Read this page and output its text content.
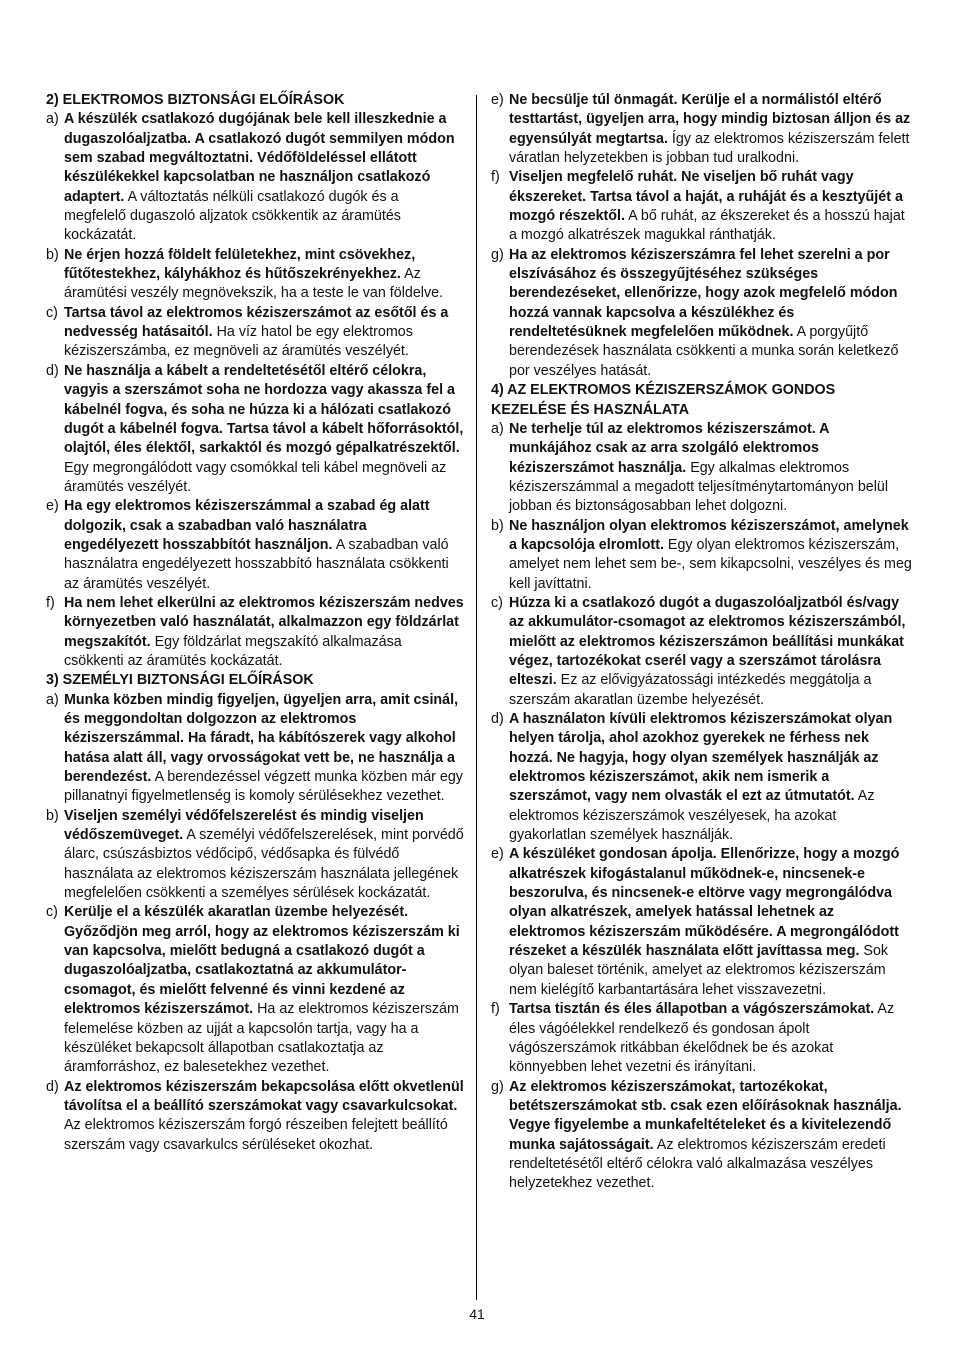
2) ELEKTROMOS BIZTONSÁGI ELŐÍRÁSOK
a) A készülék csatlakozó dugójának bele kell illeszkednie a dugaszolóaljzatba. A csatlakozó dugót semmilyen módon sem szabad megváltoztatni. Védőföldeléssel ellátott készülékekkel kapcsolatban ne használjon csatlakozó adaptert. A változtatás nélküli csatlakozó dugók és a megfelelő dugaszoló aljzatok csökkentik az áramütés kockázatát.
b) Ne érjen hozzá földelt felületekhez, mint csövekhez, fűtőtestekhez, kályhákhoz és hűtőszekrényekhez. Az áramütési veszély megnövekszik, ha a teste le van földelve.
c) Tartsa távol az elektromos kéziszerszámot az esőtől és a nedvesség hatásaitól. Ha víz hatol be egy elektromos kéziszerszámba, ez megnöveli az áramütés veszélyét.
d) Ne használja a kábelt a rendeltetésétől eltérő célokra, vagyis a szerszámot soha ne hordozza vagy akassza fel a kábelnél fogva, és soha ne húzza ki a hálózati csatlakozó dugót a kábelnél fogva. Tartsa távol a kábelt hőforrásoktól, olajtól, éles élektől, sarkaktól és mozgó gépalkatrészektől. Egy megrongálódott vagy csomókkal teli kábel megnöveli az áramütés veszélyét.
e) Ha egy elektromos kéziszerszámmal a szabad ég alatt dolgozik, csak a szabadban való használatra engedélyezett hosszabbítót használjon. A szabadban való használatra engedélyezett hosszabbító használata csökkenti az áramütés veszélyét.
f) Ha nem lehet elkerülni az elektromos kéziszerszám nedves környezetben való használatát, alkalmazzon egy földzárlat megszakítót. Egy földzárlat megszakító alkalmazása csökkenti az áramütés kockázatát.
3) SZEMÉLYI BIZTONSÁGI ELŐÍRÁSOK
a) Munka közben mindig figyeljen, ügyeljen arra, amit csinál, és meggondoltan dolgozzon az elektromos kéziszerszámmal. Ha fáradt, ha kábítószerek vagy alkohol hatása alatt áll, vagy orvosságokat vett be, ne használja a berendezést. A berendezéssel végzett munka közben már egy pillanatnyi figyelmetlenség is komoly sérülésekhez vezethet.
b) Viseljen személyi védőfelszerelést és mindig viseljen védőszemüveget. A személyi védőfelszerelések, mint porvédő álarc, csúszásbiztos védőcipő, védősapka és fülvédő használata az elektromos kéziszerszám használata jellegének megfelelően csökkenti a személyes sérülések kockázatát.
c) Kerülje el a készülék akaratlan üzembe helyezését. Győződjön meg arról, hogy az elektromos kéziszerszám ki van kapcsolva, mielőtt bedugná a csatlakozó dugót a dugaszolóaljzatba, csatlakoztatná az akkumulátor-csomagot, és mielőtt felvenné és vinni kezdené az elektromos kéziszerszámot. Ha az elektromos kéziszerszám felemelése közben az ujját a kapcsolón tartja, vagy ha a készüléket bekapcsolt állapotban csatlakoztatja az áramforráshoz, ez balesetekhez vezethet.
d) Az elektromos kéziszerszám bekapcsolása előtt okvetlenül távolítsa el a beállító szerszámokat vagy csavarkulcsokat. Az elektromos kéziszerszám forgó részeiben felejtett beállító szerszám vagy csavarkulcs sérüléseket okozhat.
e) Ne becsülje túl önmagát. Kerülje el a normálistól eltérő testtartást, ügyeljen arra, hogy mindig biztosan álljon és az egyensúlyát megtartsa. Így az elektromos kéziszerszám felett váratlan helyzetekben is jobban tud uralkodni.
f) Viseljen megfelelő ruhát. Ne viseljen bő ruhát vagy ékszereket. Tartsa távol a haját, a ruháját és a kesztyűjét a mozgó részektől. A bő ruhát, az ékszereket és a hosszú hajat a mozgó alkatrészek magukkal ránthatják.
g) Ha az elektromos kéziszerszámra fel lehet szerelni a por elszívásához és összegyűjtéséhez szükséges berendezéseket, ellenőrizze, hogy azok megfelelő módon hozzá vannak kapcsolva a készülékhez és rendeltetésüknek megfelelően működnek. A porgyűjtő berendezések használata csökkenti a munka során keletkező por veszélyes hatását.
4) AZ ELEKTROMOS KÉZISZERSZÁMOK GONDOS KEZELÉSE ÉS HASZNÁLATA
a) Ne terhelje túl az elektromos kéziszerszámot. A munkájához csak az arra szolgáló elektromos kéziszerszámot használja. Egy alkalmas elektromos kéziszerszámmal a megadott teljesítménytartományon belül jobban és biztonságosabban lehet dolgozni.
b) Ne használjon olyan elektromos kéziszerszámot, amelynek a kapcsolója elromlott. Egy olyan elektromos kéziszerszám, amelyet nem lehet sem be-, sem kikapcsolni, veszélyes és meg kell javíttatni.
c) Húzza ki a csatlakozó dugót a dugaszolóaljzatból és/vagy az akkumulátor-csomagot az elektromos kéziszerszámból, mielőtt az elektromos kéziszerszámon beállítási munkákat végez, tartozékokat cserél vagy a szerszámot tárolásra elteszi. Ez az elővigyázatossági intézkedés meggátolja a szerszám akaratlan üzembe helyezését.
d) A használaton kívüli elektromos kéziszerszámokat olyan helyen tárolja, ahol azokhoz gyerekek ne férhess nek hozzá. Ne hagyja, hogy olyan személyek használják az elektromos kéziszerszámot, akik nem ismerik a szerszámot, vagy nem olvasták el ezt az útmutatót. Az elektromos kéziszerszámok veszélyesek, ha azokat gyakorlatlan személyek használják.
e) A készüléket gondosan ápolja. Ellenőrizze, hogy a mozgó alkatrészek kifogástalanul működnek-e, nincsenek-e beszorulva, és nincsenek-e eltörve vagy megrongálódva olyan alkatrészek, amelyek hatással lehetnek az elektromos kéziszerszám működésére. A megrongálódott részeket a készülék használata előtt javíttassa meg. Sok olyan baleset történik, amelyet az elektromos kéziszerszám nem kielégítő karbantartására lehet visszavezetni.
f) Tartsa tisztán és éles állapotban a vágószerszámokat. Az éles vágóélekkel rendelkező és gondosan ápolt vágószerszámok ritkábban ékelődnek be és azokat könnyebben lehet vezetni és irányítani.
g) Az elektromos kéziszerszámokat, tartozékokat, betétszerszámokat stb. csak ezen előírásoknak használja. Vegye figyelembe a munkafeltételeket és a kivitelezendő munka sajátosságait. Az elektromos kéziszerszám eredeti rendeltetésétől eltérő célokra való alkalmazása veszélyes helyzetekhez vezethet.
41
